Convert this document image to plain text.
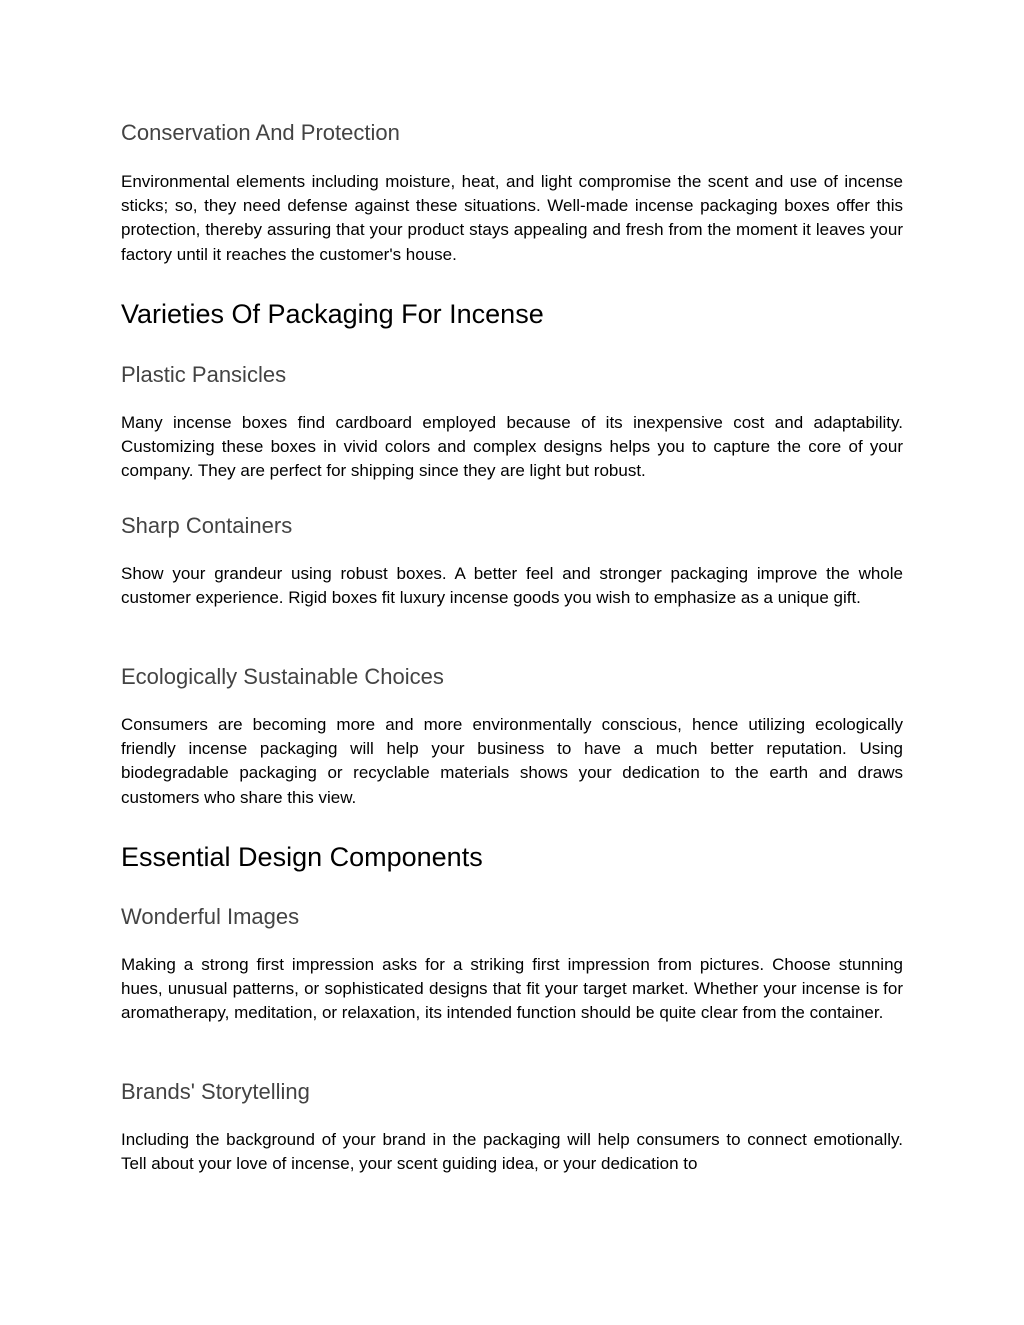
Conservation And Protection

Environmental elements including moisture, heat, and light compromise the scent and use of incense sticks; so, they need defense against these situations. Well-made incense packaging boxes offer this protection, thereby assuring that your product stays appealing and fresh from the moment it leaves your factory until it reaches the customer's house.

Varieties Of Packaging For Incense
Plastic Pansicles

Many incense boxes find cardboard employed because of its inexpensive cost and adaptability. Customizing these boxes in vivid colors and complex designs helps you to capture the core of your company. They are perfect for shipping since they are light but robust.

Sharp Containers

Show your grandeur using robust boxes. A better feel and stronger packaging improve the whole customer experience. Rigid boxes fit luxury incense goods you wish to emphasize as a unique gift.

Ecologically Sustainable Choices

Consumers are becoming more and more environmentally conscious, hence utilizing ecologically friendly incense packaging will help your business to have a much better reputation. Using biodegradable packaging or recyclable materials shows your dedication to the earth and draws customers who share this view.

Essential Design Components
Wonderful Images

Making a strong first impression asks for a striking first impression from pictures. Choose stunning hues, unusual patterns, or sophisticated designs that fit your target market. Whether your incense is for aromatherapy, meditation, or relaxation, its intended function should be quite clear from the container.

Brands' Storytelling

Including the background of your brand in the packaging will help consumers to connect emotionally. Tell about your love of incense, your scent guiding idea, or your dedication to
